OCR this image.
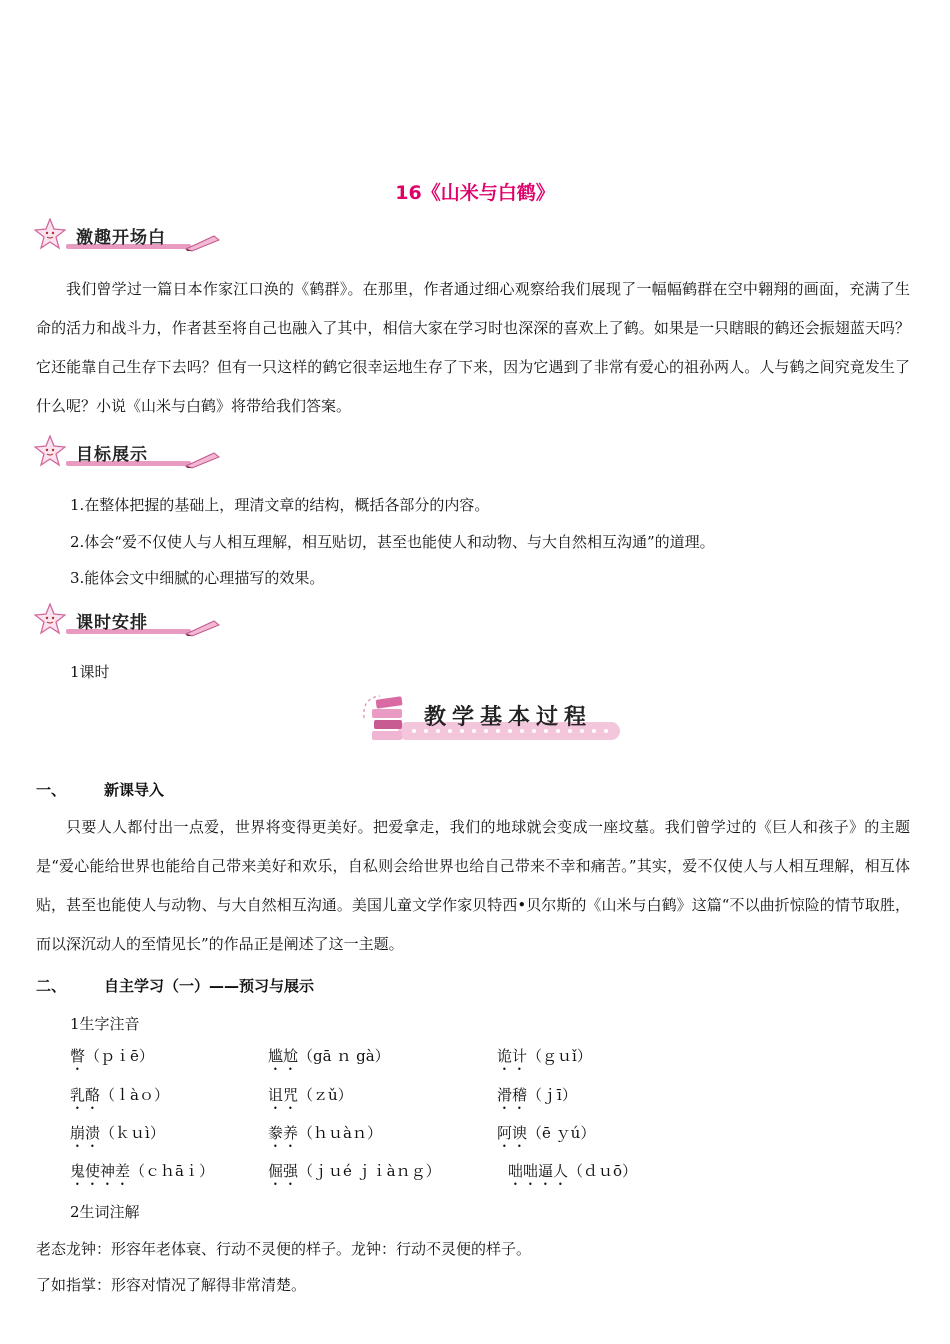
16《山米与白鹤》
激趣开场白

我们曾学过一篇日本作家江口涣的《鹤群》。在那里，作者通过细心观察给我们展现了一幅幅鹤群在空中翱翔的画面，充满了生命的活力和战斗力，作者甚至将自己也融入了其中，相信大家在学习时也深深的喜欢上了鹤。如果是一只瞎眼的鹤还会振翅蓝天吗？它还能靠自己生存下去吗？但有一只这样的鹤它很幸运地生存了下来，因为它遇到了非常有爱心的祖孙两人。人与鹤之间究竟发生了什么呢？小说《山米与白鹤》将带给我们答案。

目标展示
1.在整体把握的基础上，理清文章的结构，概括各部分的内容。
2.体会“爱不仅使人与人相互理解，相互贴切，甚至也能使人和动物、与大自然相互沟通”的道理。
3.能体会文中细腻的心理描写的效果。
课时安排
1课时
教学基本过程
一、	新课导入

只要人人都付出一点爱，世界将变得更美好。把爱拿走，我们的地球就会变成一座坟墓。我们曾学过的《巨人和孩子》的主题是“爱心能给世界也能给自己带来美好和欢乐，自私则会给世界也给自己带来不幸和痛苦。”其实，爱不仅使人与人相互理解，相互体贴，甚至也能使人与动物、与大自然相互沟通。美国儿童文学作家贝特西•贝尔斯的《山米与白鹤》这篇“不以曲折惊险的情节取胜，而以深沉动人的至情见长”的作品正是阐述了这一主题。

二、	自主学习（一）——预习与展示
1生字注音
瞥（ｐｉē）	尴尬（gā ｎ gà）	诡计（ｇｕǐ）
乳酪（ｌàｏ）	诅咒（ｚǔ）	滑稽（ｊī）
崩溃（ｋｕì）	豢养（ｈｕàｎ）	阿谀（ē ｙú）
鬼使神差（ｃｈāｉ）	倔强（ｊｕé ｊｉàｎｇ）	咄咄逼人（ｄｕō）
2生词注解
老态龙钟：形容年老体衰、行动不灵便的样子。龙钟：行动不灵便的样子。
了如指掌：形容对情况了解得非常清楚。
